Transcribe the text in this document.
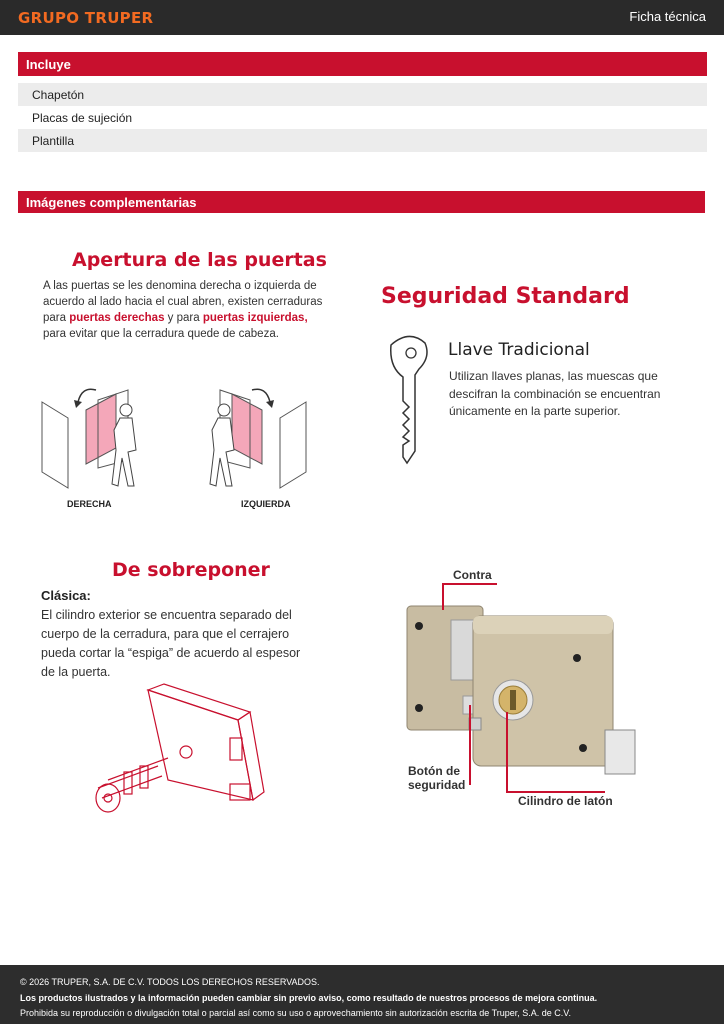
GRUPO TRUPER	Ficha técnica
Incluye
Chapetón
Placas de sujeción
Plantilla
Imágenes complementarias
Apertura de las puertas
A las puertas se les denomina derecha o izquierda de
acuerdo al lado hacia el cual abren, existen cerraduras
para puertas derechas y para puertas izquierdas,
para evitar que la cerradura quede de cabeza.
DERECHA	IZQUIERDA
Seguridad Standard
Llave Tradicional
Utilizan llaves planas, las muescas que
descifran la combinación se encuentran
únicamente en la parte superior.
De sobreponer
Clásica:
El cilindro exterior se encuentra separado del
cuerpo de la cerradura, para que el cerrajero
pueda cortar la “espiga” de acuerdo al espesor
de la puerta.
Contra
Botón de
seguridad
Cilindro de latón
© 2026 TRUPER, S.A. DE C.V. TODOS LOS DERECHOS RESERVADOS.
Los productos ilustrados y la información pueden cambiar sin previo aviso, como resultado de nuestros procesos de mejora continua.
Prohibida su reproducción o divulgación total o parcial así como su uso o aprovechamiento sin autorización escrita de Truper, S.A. de C.V.
